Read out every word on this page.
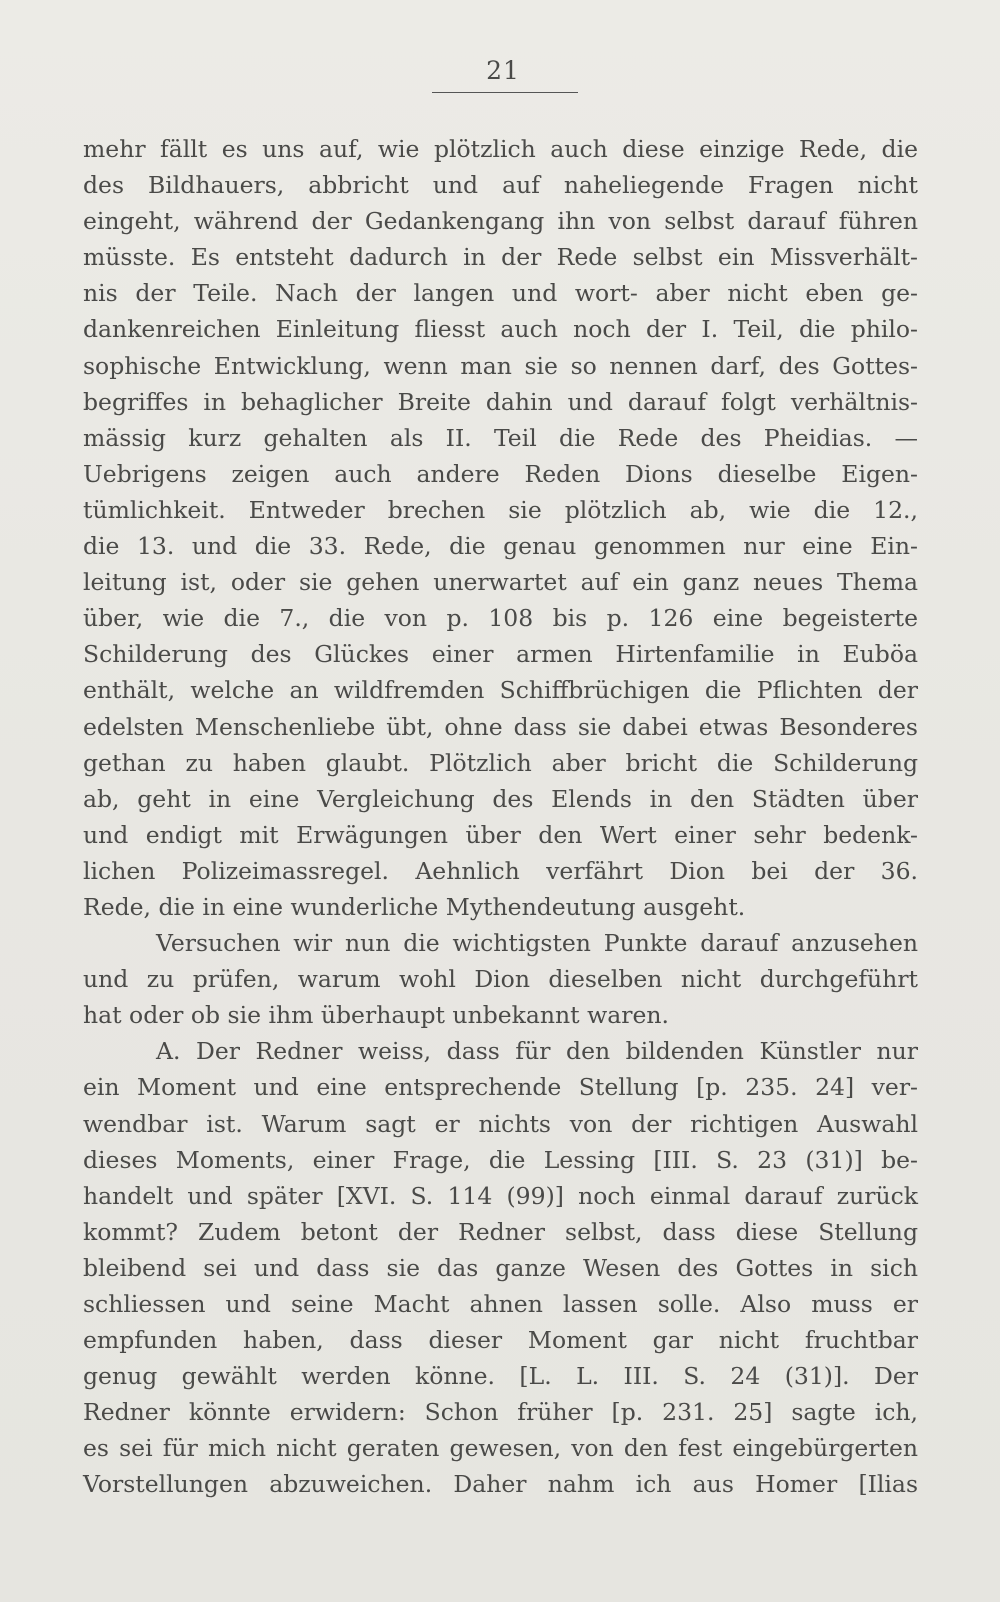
21
mehr fällt es uns auf, wie plötzlich auch diese einzige Rede, die
des Bildhauers, abbricht und auf naheliegende Fragen nicht
eingeht, während der Gedankengang ihn von selbst darauf führen
müsste. Es entsteht dadurch in der Rede selbst ein Missverhält-
nis der Teile. Nach der langen und wort- aber nicht eben ge-
dankenreichen Einleitung fliesst auch noch der I. Teil, die philo-
sophische Entwicklung, wenn man sie so nennen darf, des Gottes-
begriffes in behaglicher Breite dahin und darauf folgt verhältnis-
mässig kurz gehalten als II. Teil die Rede des Pheidias. —
Uebrigens zeigen auch andere Reden Dions dieselbe Eigen-
tümlichkeit. Entweder brechen sie plötzlich ab, wie die 12.,
die 13. und die 33. Rede, die genau genommen nur eine Ein-
leitung ist, oder sie gehen unerwartet auf ein ganz neues Thema
über, wie die 7., die von p. 108 bis p. 126 eine begeisterte
Schilderung des Glückes einer armen Hirtenfamilie in Euböa
enthält, welche an wildfremden Schiffbrüchigen die Pflichten der
edelsten Menschenliebe übt, ohne dass sie dabei etwas Besonderes
gethan zu haben glaubt. Plötzlich aber bricht die Schilderung
ab, geht in eine Vergleichung des Elends in den Städten über
und endigt mit Erwägungen über den Wert einer sehr bedenk-
lichen Polizeimassregel. Aehnlich verfährt Dion bei der 36.
Rede, die in eine wunderliche Mythendeutung ausgeht.
Versuchen wir nun die wichtigsten Punkte darauf anzusehen
und zu prüfen, warum wohl Dion dieselben nicht durchgeführt
hat oder ob sie ihm überhaupt unbekannt waren.
A. Der Redner weiss, dass für den bildenden Künstler nur
ein Moment und eine entsprechende Stellung [p. 235. 24] ver-
wendbar ist. Warum sagt er nichts von der richtigen Auswahl
dieses Moments, einer Frage, die Lessing [III. S. 23 (31)] be-
handelt und später [XVI. S. 114 (99)] noch einmal darauf zurück
kommt? Zudem betont der Redner selbst, dass diese Stellung
bleibend sei und dass sie das ganze Wesen des Gottes in sich
schliessen und seine Macht ahnen lassen solle. Also muss er
empfunden haben, dass dieser Moment gar nicht fruchtbar
genug gewählt werden könne. [L. L. III. S. 24 (31)]. Der
Redner könnte erwidern: Schon früher [p. 231. 25] sagte ich,
es sei für mich nicht geraten gewesen, von den fest eingebürgerten
Vorstellungen abzuweichen. Daher nahm ich aus Homer [Ilias
